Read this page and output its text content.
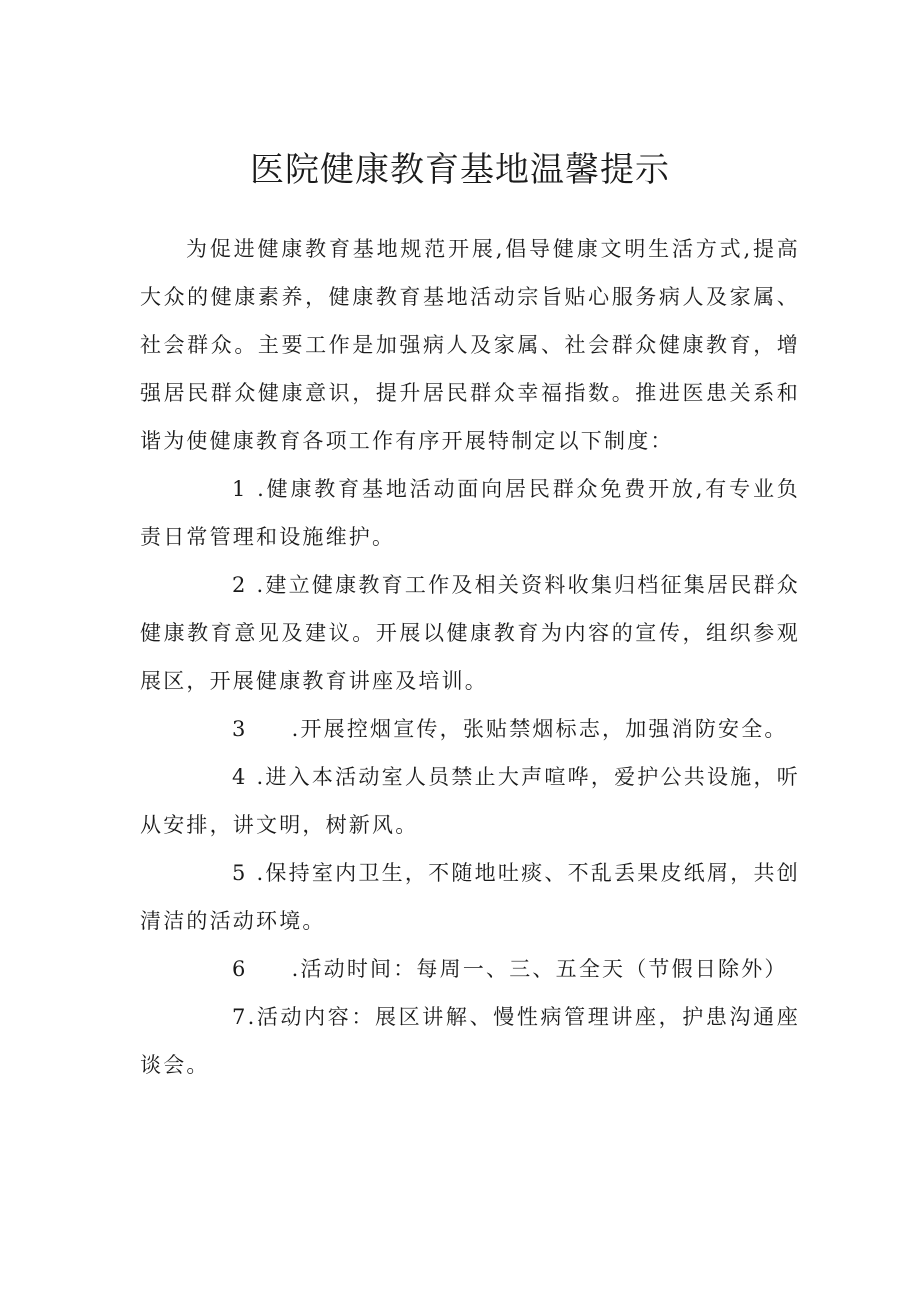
医院健康教育基地温馨提示

为促进健康教育基地规范开展,倡导健康文明生活方式,提高大众的健康素养，健康教育基地活动宗旨贴心服务病人及家属、社会群众。主要工作是加强病人及家属、社会群众健康教育，增强居民群众健康意识，提升居民群众幸福指数。推进医患关系和谐为使健康教育各项工作有序开展特制定以下制度：

1 .健康教育基地活动面向居民群众免费开放,有专业负责日常管理和设施维护。

2 .建立健康教育工作及相关资料收集归档征集居民群众健康教育意见及建议。开展以健康教育为内容的宣传，组织参观展区，开展健康教育讲座及培训。

3 .开展控烟宣传，张贴禁烟标志，加强消防安全。

4 .进入本活动室人员禁止大声喧哗，爱护公共设施，听从安排，讲文明，树新风。

5 .保持室内卫生，不随地吐痰、不乱丢果皮纸屑，共创清洁的活动环境。

6 .活动时间：每周一、三、五全天（节假日除外）

7.活动内容：展区讲解、慢性病管理讲座，护患沟通座谈会。
